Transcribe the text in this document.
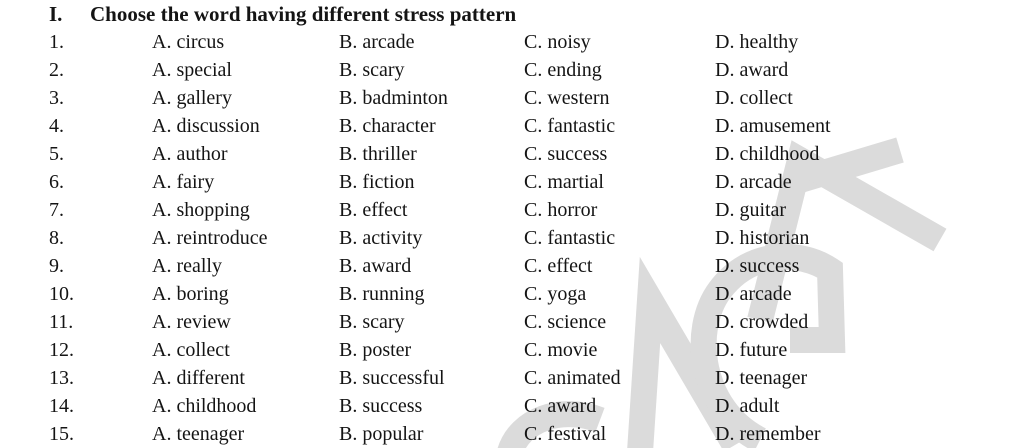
I. Choose the word having different stress pattern
1.	A. circus	B. arcade	C. noisy	D. healthy
2.	A. special	B. scary	C. ending	D. award
3.	A. gallery	B. badminton	C. western	D. collect
4.	A. discussion	B. character	C. fantastic	D. amusement
5.	A. author	B. thriller	C. success	D. childhood
6.	A. fairy	B. fiction	C. martial	D. arcade
7.	A. shopping	B. effect	C. horror	D. guitar
8.	A. reintroduce	B. activity	C. fantastic	D. historian
9.	A. really	B. award	C. effect	D. success
10.	A. boring	B. running	C. yoga	D. arcade
11.	A. review	B. scary	C. science	D. crowded
12.	A. collect	B. poster	C. movie	D. future
13.	A. different	B. successful	C. animated	D. teenager
14.	A. childhood	B. success	C. award	D. adult
15.	A. teenager	B. popular	C. festival	D. remember
